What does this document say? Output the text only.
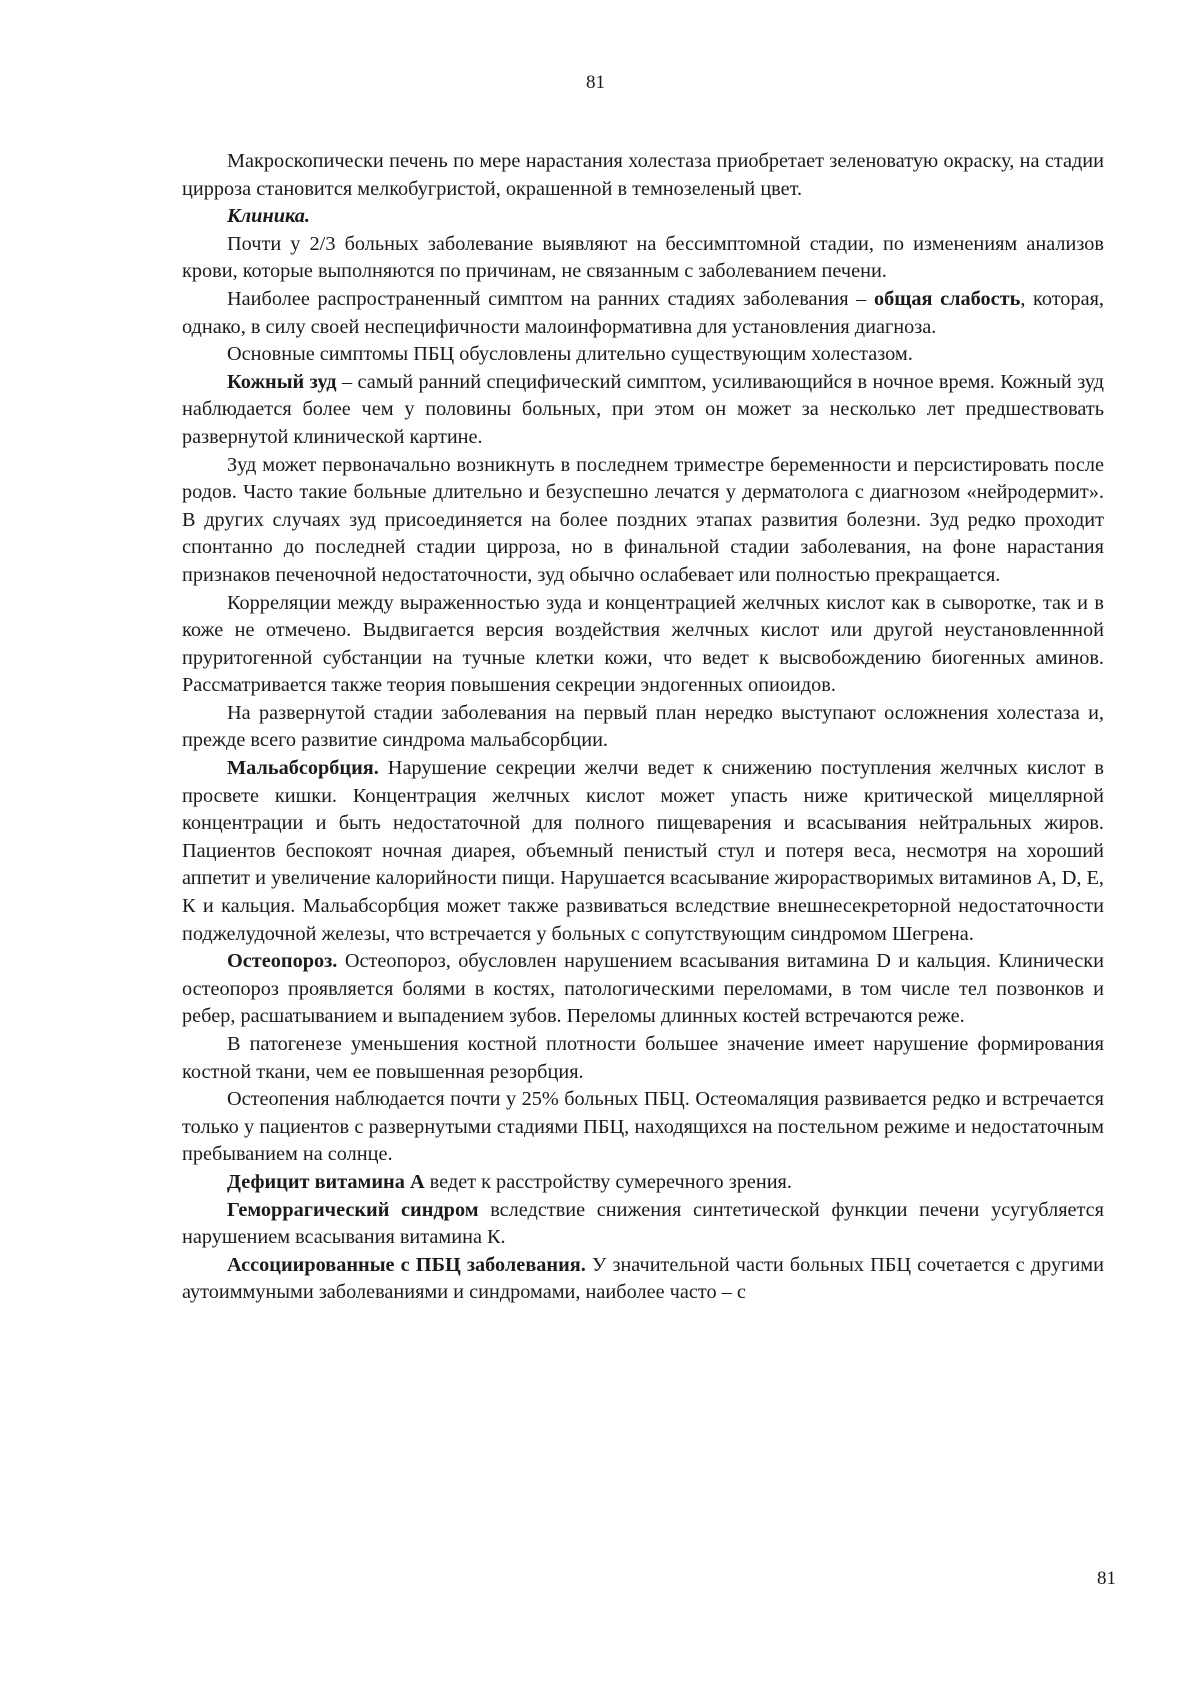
81

Макроскопически печень по мере нарастания холестаза приобретает зеленоватую окраску, на стадии цирроза становится мелкобугристой, окрашенной в темнозеленый цвет.

Клиника.

Почти у 2/3 больных заболевание выявляют на бессимптомной стадии, по изменениям анализов крови, которые выполняются по причинам, не связанным с заболеванием печени.

Наиболее распространенный симптом на ранних стадиях заболевания – общая слабость, которая, однако, в силу своей неспецифичности малоинформативна для установления диагноза.

Основные симптомы ПБЦ обусловлены длительно существующим холестазом.

Кожный зуд – самый ранний специфический симптом, усиливающийся в ночное время. Кожный зуд наблюдается более чем у половины больных, при этом он может за несколько лет предшествовать развернутой клинической картине.

Зуд может первоначально возникнуть в последнем триместре беременности и персистировать после родов. Часто такие больные длительно и безуспешно лечатся у дерматолога с диагнозом «нейродермит». В других случаях зуд присоединяется на более поздних этапах развития болезни. Зуд редко проходит спонтанно до последней стадии цирроза, но в финальной стадии заболевания, на фоне нарастания признаков печеночной недостаточности, зуд обычно ослабевает или полностью прекращается.

Корреляции между выраженностью зуда и концентрацией желчных кислот как в сыворотке, так и в коже не отмечено. Выдвигается версия воздействия желчных кислот или другой неустановленнной пруритогенной субстанции на тучные клетки кожи, что ведет к высвобождению биогенных аминов. Рассматривается также теория повышения секреции эндогенных опиоидов.

На развернутой стадии заболевания на первый план нередко выступают осложнения холестаза и, прежде всего развитие синдрома мальабсорбции.

Мальабсорбция. Нарушение секреции желчи ведет к снижению поступления желчных кислот в просвете кишки. Концентрация желчных кислот может упасть ниже критической мицеллярной концентрации и быть недостаточной для полного пищеварения и всасывания нейтральных жиров. Пациентов беспокоят ночная диарея, объемный пенистый стул и потеря веса, несмотря на хороший аппетит и увеличение калорийности пищи. Нарушается всасывание жирорастворимых витаминов А, D, Е, К и кальция. Мальабсорбция может также развиваться вследствие внешнесекреторной недостаточности поджелудочной железы, что встречается у больных с сопутствующим синдромом Шегрена.

Остеопороз. Остеопороз, обусловлен нарушением всасывания витамина D и кальция. Клинически остеопороз проявляется болями в костях, патологическими переломами, в том числе тел позвонков и ребер, расшатыванием и выпадением зубов. Переломы длинных костей встречаются реже.

В патогенезе уменьшения костной плотности большее значение имеет нарушение формирования костной ткани, чем ее повышенная резорбция.

Остеопения наблюдается почти у 25% больных ПБЦ. Остеомаляция развивается редко и встречается только у пациентов с развернутыми стадиями ПБЦ, находящихся на постельном режиме и недостаточным пребыванием на солнце.

Дефицит витамина А ведет к расстройству сумеречного зрения.

Геморрагический синдром вследствие снижения синтетической функции печени усугубляется нарушением всасывания витамина К.

Ассоциированные с ПБЦ заболевания. У значительной части больных ПБЦ сочетается с другими аутоиммуными заболеваниями и синдромами, наиболее часто – с

81
